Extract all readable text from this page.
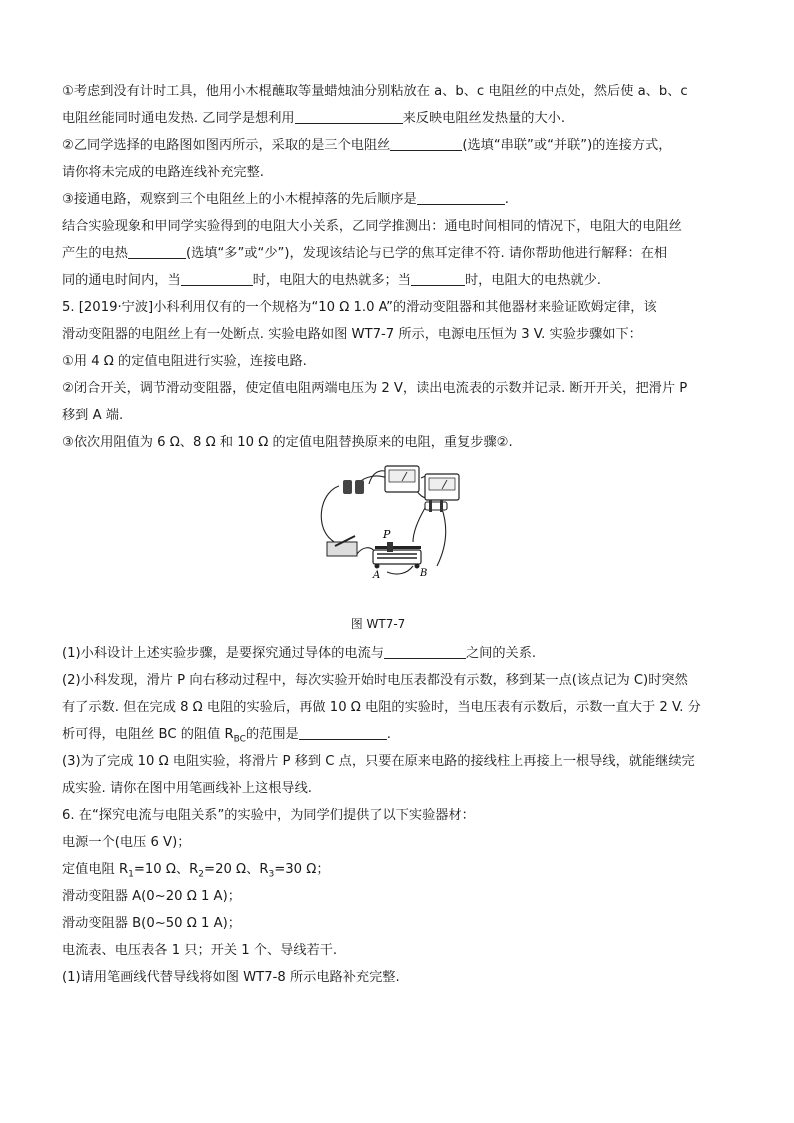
①考虑到没有计时工具，他用小木棍蘸取等量蜡烛油分别粘放在 a、b、c 电阻丝的中点处，然后使 a、b、c
电阻丝能同时通电发热. 乙同学是想利用	来反映电阻丝发热量的大小.
②乙同学选择的电路图如图丙所示，采取的是三个电阻丝	(选填“串联”或“并联”)的连接方式，
请你将未完成的电路连线补充完整.
③接通电路，观察到三个电阻丝上的小木棍掉落的先后顺序是	.
结合实验现象和甲同学实验得到的电阻大小关系，乙同学推测出：通电时间相同的情况下，电阻大的电阻丝
产生的电热	(选填“多”或“少”)，发现该结论与已学的焦耳定律不符. 请你帮助他进行解释：在相
同的通电时间内，当	时，电阻大的电热就多；当	时，电阻大的电热就少.
5. [2019·宁波]小科利用仅有的一个规格为“10 Ω 1.0 A”的滑动变阻器和其他器材来验证欧姆定律，该
滑动变阻器的电阻丝上有一处断点. 实验电路如图 WT7-7 所示，电源电压恒为 3 V. 实验步骤如下：
①用 4 Ω 的定值电阻进行实验，连接电路.
②闭合开关，调节滑动变阻器，使定值电阻两端电压为 2 V，读出电流表的示数并记录. 断开开关，把滑片 P
移到 A 端.
③依次用阻值为 6 Ω、8 Ω 和 10 Ω 的定值电阻替换原来的电阻，重复步骤②.
P
A	B
图 WT7-7
(1)小科设计上述实验步骤，是要探究通过导体的电流与	之间的关系.
(2)小科发现，滑片 P 向右移动过程中，每次实验开始时电压表都没有示数，移到某一点(该点记为 C)时突然
有了示数. 但在完成 8 Ω 电阻的实验后，再做 10 Ω 电阻的实验时，当电压表有示数后，示数一直大于 2 V. 分
析可得，电阻丝 BC 的阻值 $R_{BC}$的范围是	.
(3)为了完成 10 Ω 电阻实验，将滑片 P 移到 C 点，只要在原来电路的接线柱上再接上一根导线，就能继续完
成实验. 请你在图中用笔画线补上这根导线.
6. 在“探究电流与电阻关系”的实验中，为同学们提供了以下实验器材：
电源一个(电压 6 V)；
定值电阻 $R_1=10$ Ω、$R_2=20$ Ω、$R_3=30$ Ω；
滑动变阻器 A(0~20 Ω 1 A)；
滑动变阻器 B(0~50 Ω 1 A)；
电流表、电压表各 1 只；开关 1 个、导线若干.
(1)请用笔画线代替导线将如图 WT7-8 所示电路补充完整.
